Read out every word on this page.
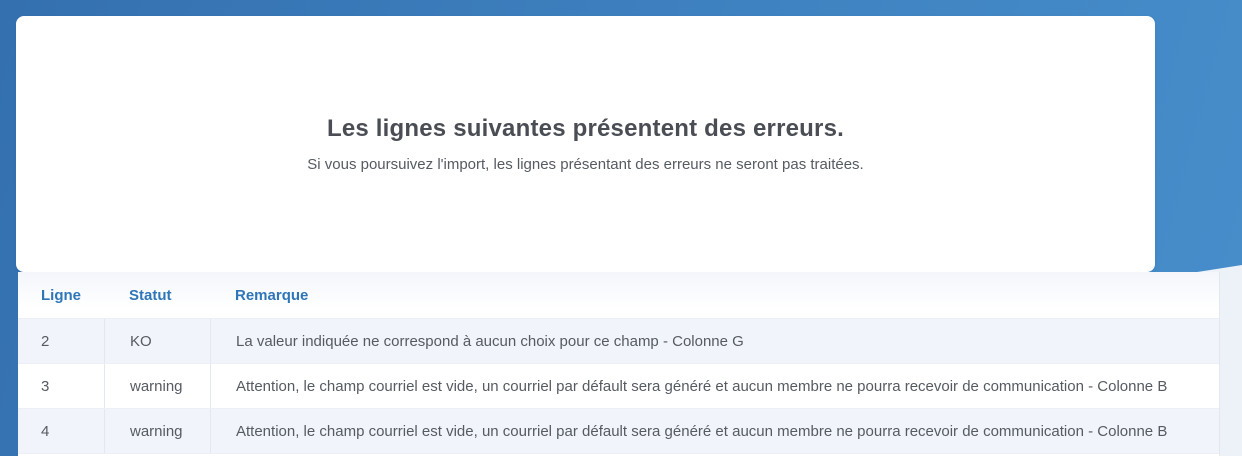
Les lignes suivantes présentent des erreurs.

Si vous poursuivez l'import, les lignes présentant des erreurs ne seront pas traitées.

Ligne	Statut	Remarque
2	KO	La valeur indiquée ne correspond à aucun choix pour ce champ - Colonne G
3	warning	Attention, le champ courriel est vide, un courriel par défault sera généré et aucun membre ne pourra recevoir de communication - Colonne B
4	warning	Attention, le champ courriel est vide, un courriel par défault sera généré et aucun membre ne pourra recevoir de communication - Colonne B
